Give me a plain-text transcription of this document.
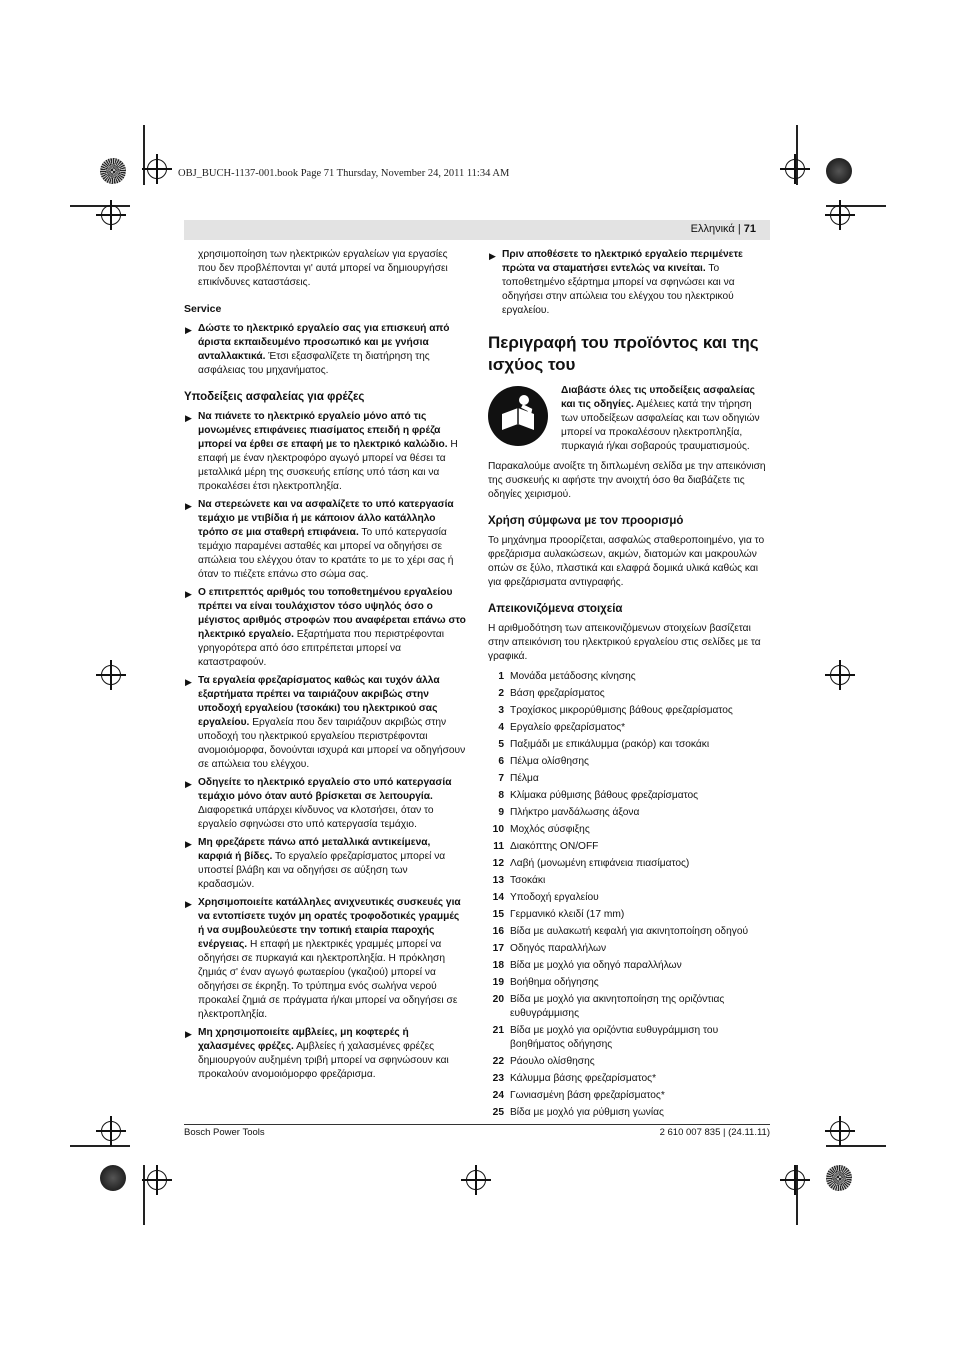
OBJ_BUCH-1137-001.book Page 71 Thursday, November 24, 2011 11:34 AM
Ελληνικά | 71

χρησιμοποίηση των ηλεκτρικών εργαλείων για εργασίες που δεν προβλέπονται γι' αυτά μπορεί να δημιουργήσει επικίνδυνες καταστάσεις.

Service
▶ Δώστε το ηλεκτρικό εργαλείο σας για επισκευή από άριστα εκπαιδευμένο προσωπικό και με γνήσια ανταλλακτικά. Έτσι εξασφαλίζετε τη διατήρηση της ασφάλειας του μηχανήματος.
Υποδείξεις ασφαλείας για φρέζες
▶ Να πιάνετε το ηλεκτρικό εργαλείο μόνο από τις μονωμένες επιφάνειες πιασίματος επειδή η φρέζα μπορεί να έρθει σε επαφή με το ηλεκτρικό καλώδιο. Η επαφή με έναν ηλεκτροφόρο αγωγό μπορεί να θέσει τα μεταλλικά μέρη της συσκευής επίσης υπό τάση και να προκαλέσει έτσι ηλεκτροπληξία.
▶ Να στερεώνετε και να ασφαλίζετε το υπό κατεργασία τεμάχιο με ντιβίδια ή με κάποιον άλλο κατάλληλο τρόπο σε μια σταθερή επιφάνεια. Το υπό κατεργασία τεμάχιο παραμένει ασταθές και μπορεί να οδηγήσει σε απώλεια του ελέγχου όταν το κρατάτε το με το χέρι σας ή όταν το πιέζετε επάνω στο σώμα σας.
▶ Ο επιτρεπτός αριθμός του τοποθετημένου εργαλείου πρέπει να είναι τουλάχιστον τόσο υψηλός όσο ο μέγιστος αριθμός στροφών που αναφέρεται επάνω στο ηλεκτρικό εργαλείο. Εξαρτήματα που περιστρέφονται γρηγορότερα από όσο επιτρέπεται μπορεί να καταστραφούν.
▶ Τα εργαλεία φρεζαρίσματος καθώς και τυχόν άλλα εξαρτήματα πρέπει να ταιριάζουν ακριβώς στην υποδοχή εργαλείου (τσοκάκι) του ηλεκτρικού σας εργαλείου. Εργαλεία που δεν ταιριάζουν ακριβώς στην υποδοχή του ηλεκτρικού εργαλείου περιστρέφονται ανομοιόμορφα, δονούνται ισχυρά και μπορεί να οδηγήσουν σε απώλεια του ελέγχου.
▶ Οδηγείτε το ηλεκτρικό εργαλείο στο υπό κατεργασία τεμάχιο μόνο όταν αυτό βρίσκεται σε λειτουργία. Διαφορετικά υπάρχει κίνδυνος να κλοτσήσει, όταν το εργαλείο σφηνώσει στο υπό κατεργασία τεμάχιο.
▶ Μη φρεζάρετε πάνω από μεταλλικά αντικείμενα, καρφιά ή βίδες. Το εργαλείο φρεζαρίσματος μπορεί να υποστεί βλάβη και να οδηγήσει σε αύξηση των κραδασμών.
▶ Χρησιμοποιείτε κατάλληλες ανιχνευτικές συσκευές για να εντοπίσετε τυχόν μη ορατές τροφοδοτικές γραμμές ή να συμβουλεύεστε την τοπική εταιρία παροχής ενέργειας. Η επαφή με ηλεκτρικές γραμμές μπορεί να οδηγήσει σε πυρκαγιά και ηλεκτροπληξία. Η πρόκληση ζημιάς σ' έναν αγωγό φωταερίου (γκαζιού) μπορεί να οδηγήσει σε έκρηξη. Το τρύπημα ενός σωλήνα νερού προκαλεί ζημιά σε πράγματα ή/και μπορεί να οδηγήσει σε ηλεκτροπληξία.
▶ Μη χρησιμοποιείτε αμβλείες, μη κοφτερές ή χαλασμένες φρέζες. Αμβλείες ή χαλασμένες φρέζες δημιουργούν αυξημένη τριβή μπορεί να σφηνώσουν και προκαλούν ανομοιόμορφο φρεζάρισμα.
▶ Πριν αποθέσετε το ηλεκτρικό εργαλείο περιμένετε πρώτα να σταματήσει εντελώς να κινείται. Το τοποθετημένο εξάρτημα μπορεί να σφηνώσει και να οδηγήσει στην απώλεια του ελέγχου του ηλεκτρικού εργαλείου.
Περιγραφή του προϊόντος και της ισχύος του
Διαβάστε όλες τις υποδείξεις ασφαλείας και τις οδηγίες. Αμέλειες κατά την τήρηση των υποδείξεων ασφαλείας και των οδηγιών μπορεί να προκαλέσουν ηλεκτροπληξία, πυρκαγιά ή/και σοβαρούς τραυματισμούς.

Παρακαλούμε ανοίξτε τη διπλωμένη σελίδα με την απεικόνιση της συσκευής κι αφήστε την ανοιχτή όσο θα διαβάζετε τις οδηγίες χειρισμού.

Χρήση σύμφωνα με τον προορισμό

Το μηχάνημα προορίζεται, ασφαλώς σταθεροποιημένο, για το φρεζάρισμα αυλακώσεων, ακμών, διατομών και μακρουλών οπών σε ξύλο, πλαστικά και ελαφρά δομικά υλικά καθώς και για φρεζάρισματα αντιγραφής.

Απεικονιζόμενα στοιχεία

Η αριθμοδότηση των απεικονιζόμενων στοιχείων βασίζεται στην απεικόνιση του ηλεκτρικού εργαλείου στις σελίδες με τα γραφικά.

1 Μονάδα μετάδοσης κίνησης
2 Βάση φρεζαρίσματος
3 Τροχίσκος μικρορύθμισης βάθους φρεζαρίσματος
4 Εργαλείο φρεζαρίσματος*
5 Παξιμάδι με επικάλυμμα (ρακόρ) και τσοκάκι
6 Πέλμα ολίσθησης
7 Πέλμα
8 Κλίμακα ρύθμισης βάθους φρεζαρίσματος
9 Πλήκτρο μανδάλωσης άξονα
10 Μοχλός σύσφιξης
11 Διακόπτης ON/OFF
12 Λαβή (μονωμένη επιφάνεια πιασίματος)
13 Τσοκάκι
14 Υποδοχή εργαλείου
15 Γερμανικό κλειδί (17 mm)
16 Βίδα με αυλακωτή κεφαλή για ακινητοποίηση οδηγού
17 Οδηγός παραλλήλων
18 Βίδα με μοχλό για οδηγό παραλλήλων
19 Βοήθημα οδήγησης
20 Βίδα με μοχλό για ακινητοποίηση της οριζόντιας ευθυγράμμισης
21 Βίδα με μοχλό για οριζόντια ευθυγράμμιση του βοηθήματος οδήγησης
22 Ράουλο ολίσθησης
23 Κάλυμμα βάσης φρεζαρίσματος*
24 Γωνιασμένη βάση φρεζαρίσματος*
25 Βίδα με μοχλό για ρύθμιση γωνίας
Bosch Power Tools	2 610 007 835 | (24.11.11)
